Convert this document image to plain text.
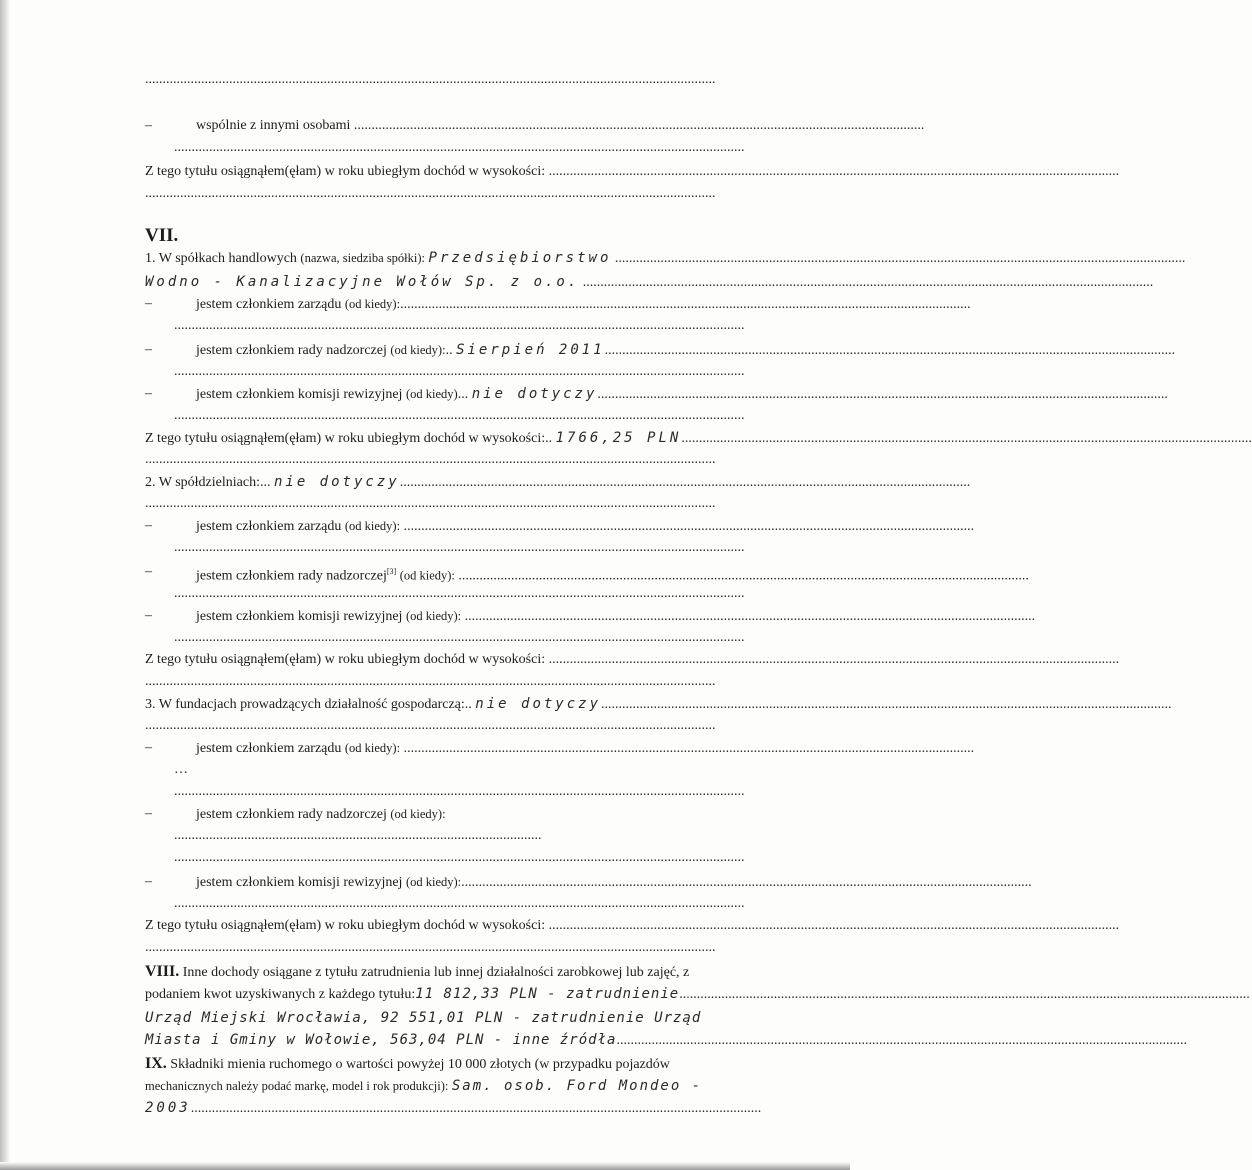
...................................................................................................................................................................
–	wspólnie z innymi osobami ...................................................................................................................................................................
...................................................................................................................................................................
Z tego tytułu osiągnąłem(ęłam) w roku ubiegłym dochód w wysokości: ...................................................................................................................................................................
...................................................................................................................................................................
VII.
1. W spółkach handlowych (nazwa, siedziba spółki): Przedsiębiorstwo ...................................................................................................................................................................
Wodno - Kanalizacyjne Wołów Sp. z o.o. ...................................................................................................................................................................
–	jestem członkiem zarządu (od kiedy):...................................................................................................................................................................
...................................................................................................................................................................
–	jestem członkiem rady nadzorczej (od kiedy):.. Sierpień 2011...................................................................................................................................................................
...................................................................................................................................................................
–	jestem członkiem komisji rewizyjnej (od kiedy)... nie dotyczy...................................................................................................................................................................
...................................................................................................................................................................
Z tego tytułu osiągnąłem(ęłam) w roku ubiegłym dochód w wysokości:.. 1766,25 PLN...................................................................................................................................................................
...................................................................................................................................................................
2. W spółdzielniach:... nie dotyczy...................................................................................................................................................................
...................................................................................................................................................................
–	jestem członkiem zarządu (od kiedy): ...................................................................................................................................................................
...................................................................................................................................................................
–	jestem członkiem rady nadzorczej[3] (od kiedy): ...................................................................................................................................................................
...................................................................................................................................................................
–	jestem członkiem komisji rewizyjnej (od kiedy): ...................................................................................................................................................................
...................................................................................................................................................................
Z tego tytułu osiągnąłem(ęłam) w roku ubiegłym dochód w wysokości: ...................................................................................................................................................................
...................................................................................................................................................................
3. W fundacjach prowadzących działalność gospodarczą:.. nie dotyczy...................................................................................................................................................................
...................................................................................................................................................................
–	jestem członkiem zarządu (od kiedy): ...................................................................................................................................................................
…
...................................................................................................................................................................
–	jestem członkiem rady nadzorczej (od kiedy):
.........................................................................................................
...................................................................................................................................................................
–	jestem członkiem komisji rewizyjnej (od kiedy):...................................................................................................................................................................
...................................................................................................................................................................
Z tego tytułu osiągnąłem(ęłam) w roku ubiegłym dochód w wysokości: ...................................................................................................................................................................
...................................................................................................................................................................
VIII. Inne dochody osiągane z tytułu zatrudnienia lub innej działalności zarobkowej lub zajęć, z
podaniem kwot uzyskiwanych z każdego tytułu:11 812,33 PLN - zatrudnienie...................................................................................................................................................................
Urząd Miejski Wrocławia, 92 551,01 PLN - zatrudnienie Urząd
Miasta i Gminy w Wołowie, 563,04 PLN - inne źródła...................................................................................................................................................................
IX. Składniki mienia ruchomego o wartości powyżej 10 000 złotych (w przypadku pojazdów
mechanicznych należy podać markę, model i rok produkcji): Sam. osob. Ford Mondeo -
2003...................................................................................................................................................................
